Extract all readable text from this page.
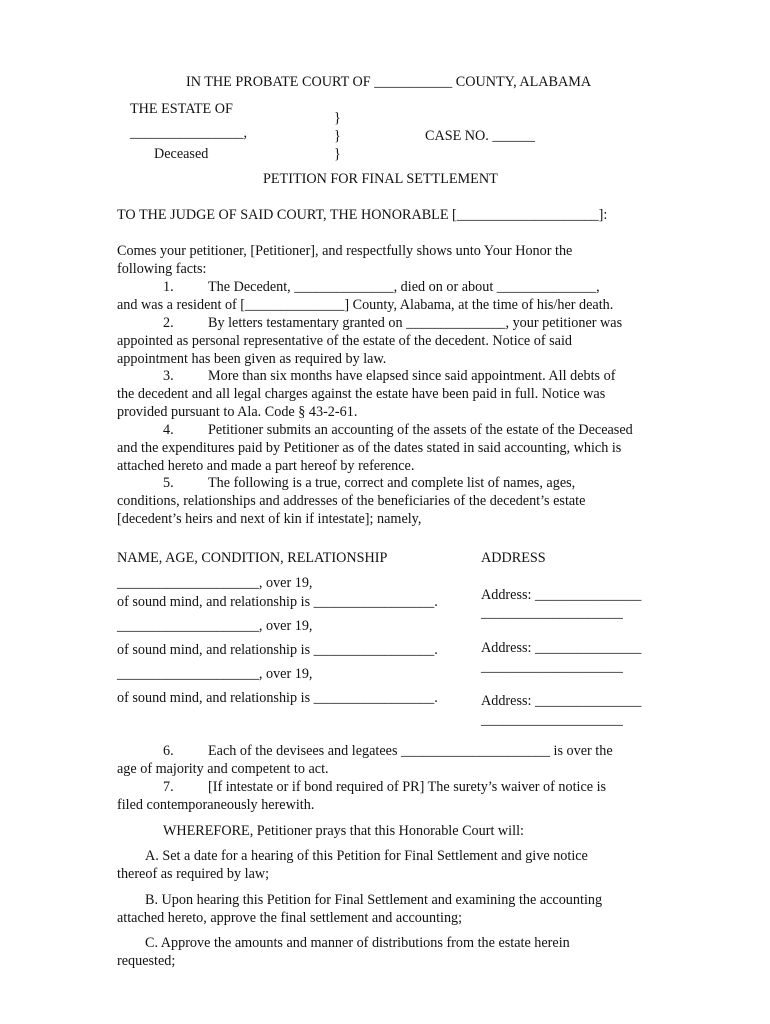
IN THE PROBATE COURT OF ___________ COUNTY, ALABAMA
THE ESTATE OF
________________,
Deceased
}
}
}
CASE NO. ______
PETITION FOR FINAL SETTLEMENT
TO THE JUDGE OF SAID COURT, THE HONORABLE [____________________]:
Comes your petitioner, [Petitioner], and respectfully shows unto Your Honor the
following facts:
1. The Decedent, ______________, died on or about ______________,
and was a resident of [______________] County, Alabama, at the time of his/her death.
2. By letters testamentary granted on ______________, your petitioner was
appointed as personal representative of the estate of the decedent. Notice of said
appointment has been given as required by law.
3. More than six months have elapsed since said appointment. All debts of
the decedent and all legal charges against the estate have been paid in full. Notice was
provided pursuant to Ala. Code § 43-2-61.
4. Petitioner submits an accounting of the assets of the estate of the Deceased
and the expenditures paid by Petitioner as of the dates stated in said accounting, which is
attached hereto and made a part hereof by reference.
5. The following is a true, correct and complete list of names, ages,
conditions, relationships and addresses of the beneficiaries of the decedent’s estate
[decedent’s heirs and next of kin if intestate]; namely,
NAME, AGE, CONDITION, RELATIONSHIP	ADDRESS
____________________, over 19,
of sound mind, and relationship is _________________.	Address: _______________
____________________
____________________, over 19,
of sound mind, and relationship is _________________.	Address: _______________
____________________
____________________, over 19,
of sound mind, and relationship is _________________.	Address: _______________
____________________
6. Each of the devisees and legatees _____________________ is over the
age of majority and competent to act.
7. [If intestate or if bond required of PR] The surety’s waiver of notice is
filed contemporaneously herewith.
WHEREFORE, Petitioner prays that this Honorable Court will:
A. Set a date for a hearing of this Petition for Final Settlement and give notice
thereof as required by law;
B. Upon hearing this Petition for Final Settlement and examining the accounting
attached hereto, approve the final settlement and accounting;
C. Approve the amounts and manner of distributions from the estate herein
requested;
